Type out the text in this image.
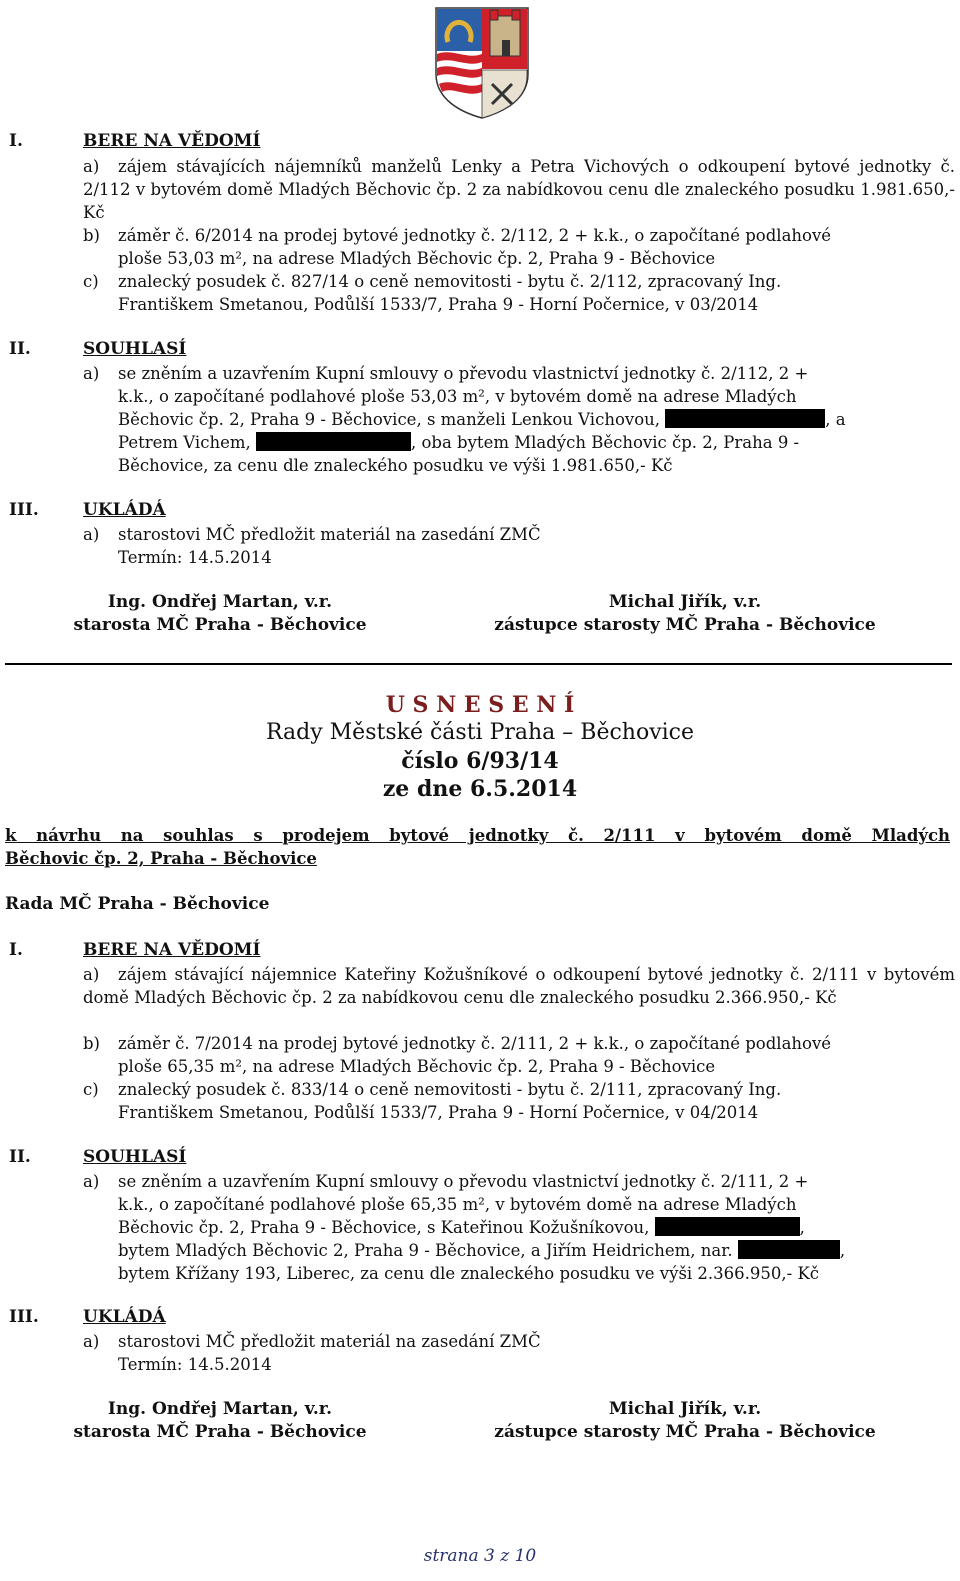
I.	BERE NA VĚDOMÍ
a) zájem stávajících nájemníků manželů Lenky a Petra Vichových o odkoupení bytové jednotky č. 2/112 v bytovém domě Mladých Běchovic čp. 2 za nabídkovou cenu dle znaleckého posudku 1.981.650,- Kč
b) záměr č. 6/2014 na prodej bytové jednotky č. 2/112, 2 + k.k., o započítané podlahové
ploše 53,03 m², na adrese Mladých Běchovic čp. 2, Praha 9 - Běchovice
c) znalecký posudek č. 827/14 o ceně nemovitosti - bytu č. 2/112, zpracovaný Ing.
Františkem Smetanou, Podůlší 1533/7, Praha 9 - Horní Počernice, v 03/2014
II.	SOUHLASÍ
a) se zněním a uzavřením Kupní smlouvy o převodu vlastnictví jednotky č. 2/112, 2 +
k.k., o započítané podlahové ploše 53,03 m², v bytovém domě na adrese Mladých
Běchovic čp. 2, Praha 9 - Běchovice, s manželi Lenkou Vichovou,	, a
Petrem Vichem,	, oba bytem Mladých Běchovic čp. 2, Praha 9 -
Běchovice, za cenu dle znaleckého posudku ve výši 1.981.650,- Kč
III.	UKLÁDÁ
a) starostovi MČ předložit materiál na zasedání ZMČ
Termín: 14.5.2014
Ing. Ondřej Martan, v.r.
starosta MČ Praha - Běchovice
Michal Jiřík, v.r.
zástupce starosty MČ Praha - Běchovice
U S N E S E N Í
Rady Městské části Praha – Běchovice
číslo 6/93/14
ze dne 6.5.2014
k návrhu na souhlas s prodejem bytové jednotky č. 2/111 v bytovém domě Mladých
Běchovic čp. 2, Praha - Běchovice
Rada MČ Praha - Běchovice
I.	BERE NA VĚDOMÍ
a) zájem stávající nájemnice Kateřiny Kožušníkové o odkoupení bytové jednotky č. 2/111 v bytovém domě Mladých Běchovic čp. 2 za nabídkovou cenu dle znaleckého posudku 2.366.950,- Kč
b) záměr č. 7/2014 na prodej bytové jednotky č. 2/111, 2 + k.k., o započítané podlahové
ploše 65,35 m², na adrese Mladých Běchovic čp. 2, Praha 9 - Běchovice
c) znalecký posudek č. 833/14 o ceně nemovitosti - bytu č. 2/111, zpracovaný Ing.
Františkem Smetanou, Podůlší 1533/7, Praha 9 - Horní Počernice, v 04/2014
II.	SOUHLASÍ
a) se zněním a uzavřením Kupní smlouvy o převodu vlastnictví jednotky č. 2/111, 2 +
k.k., o započítané podlahové ploše 65,35 m², v bytovém domě na adrese Mladých
Běchovic čp. 2, Praha 9 - Běchovice, s Kateřinou Kožušníkovou,	,
bytem Mladých Běchovic 2, Praha 9 - Běchovice, a Jiřím Heidrichem, nar.	,
bytem Křížany 193, Liberec, za cenu dle znaleckého posudku ve výši 2.366.950,- Kč
III.	UKLÁDÁ
a) starostovi MČ předložit materiál na zasedání ZMČ
Termín: 14.5.2014
Ing. Ondřej Martan, v.r.
starosta MČ Praha - Běchovice
Michal Jiřík, v.r.
zástupce starosty MČ Praha - Běchovice
strana 3 z 10
